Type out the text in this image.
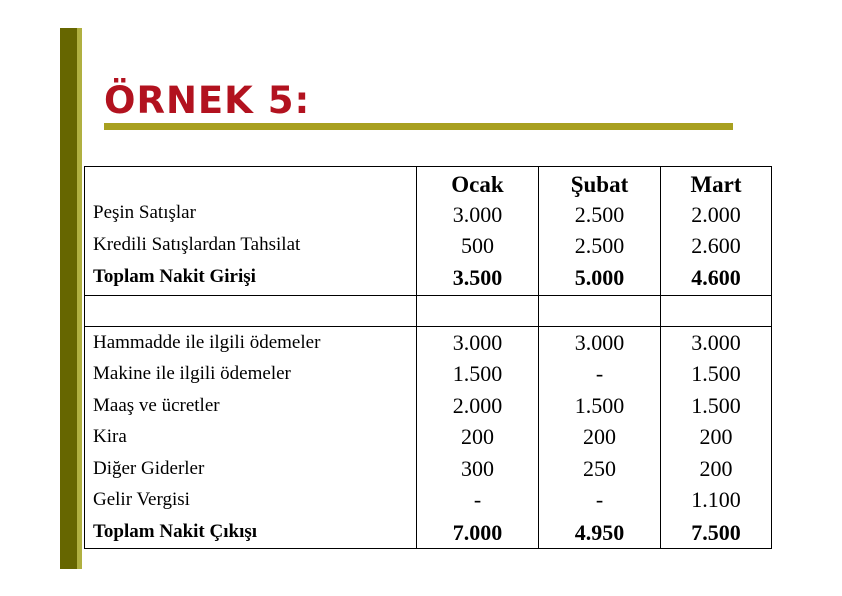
ÖRNEK 5:
Peşin Satışlar
Kredili Satışlardan Tahsilat
Toplam Nakit Girişi
Ocak
3.000
500
3.500
Şubat
2.500
2.500
5.000
Mart
2.000
2.600
4.600
Hammadde ile ilgili ödemeler
Makine ile ilgili ödemeler
Maaş ve ücretler
Kira
Diğer Giderler
Gelir Vergisi
Toplam Nakit Çıkışı
3.000
1.500
2.000
200
300
-
7.000
3.000
-
1.500
200
250
-
4.950
3.000
1.500
1.500
200
200
1.100
7.500
